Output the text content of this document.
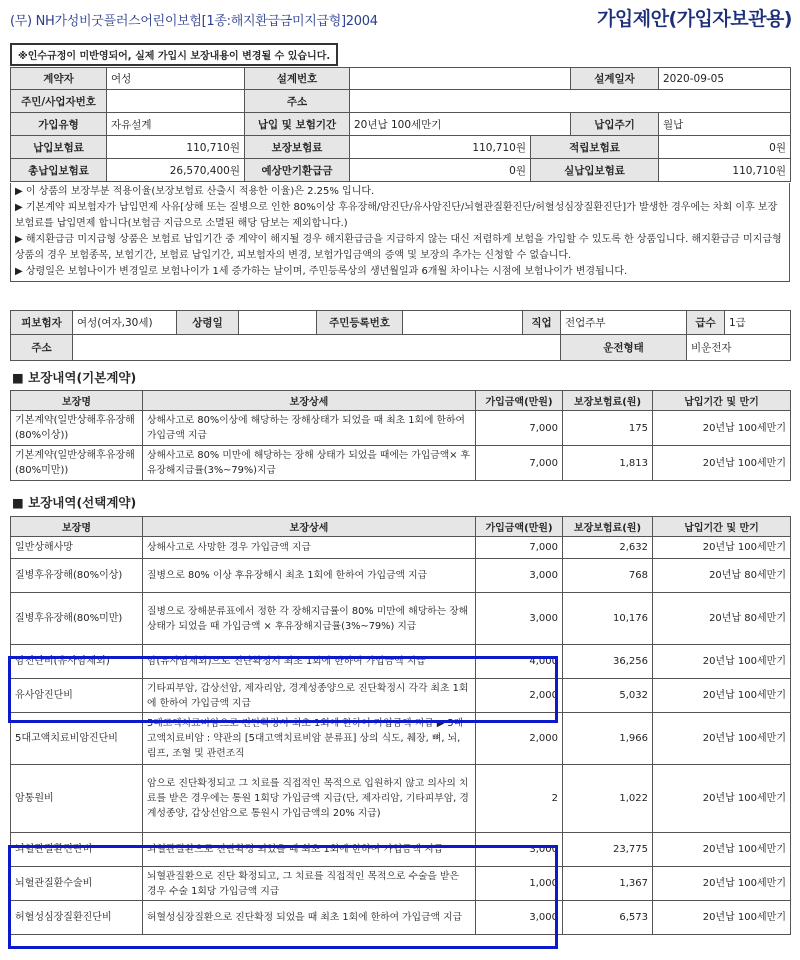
(무) NH가성비굿플러스어린이보험[1종:해지환급금미지급형]2004	가입제안(가입자보관용)
※인수규정이 미반영되어, 실제 가입시 보장내용이 변경될 수 있습니다.
계약자	여성	설계번호			설계일자	2020-09-05
주민/사업자번호		주소				
가입유형	자유설계	납입 및 보험기간	20년납 100세만기		납입주기	월납
납입보험료	110,710원	보장보험료	110,710원	적립보험료		0원
총납입보험료	26,570,400원	예상만기환급금	0원	실납입보험료		110,710원

▶ 이 상품의 보장부분 적용이율(보장보험료 산출시 적용한 이율)은 2.25% 입니다.

▶ 기본계약 피보험자가 납입면제 사유[상해 또는 질병으로 인한 80%이상 후유장해/암진단/유사암진단/뇌혈관질환진단/허혈성심장질환진단]가 발생한 경우에는 차회 이후 보장보험료를 납입면제 합니다(보험금 지급으로 소멸된 해당 담보는 제외합니다.)

▶ 해지환급금 미지급형 상품은 보험료 납입기간 중 계약이 해지될 경우 해지환급금을 지급하지 않는 대신 저렴하게 보험을 가입할 수 있도록 한 상품입니다. 해지환급금 미지급형 상품의 경우 보험종목, 보험기간, 보험료 납입기간, 피보험자의 변경, 보험가입금액의 증액 및 보장의 추가는 신청할 수 없습니다.

▶ 상령일은 보험나이가 변경일로 보험나이가 1세 증가하는 날이며, 주민등록상의 생년월일과 6개월 차이나는 시점에 보험나이가 변경됩니다.

피보험자	여성(여자,30세)	상령일		주민등록번호		직업	전업주부	급수	1급
주소							운전형태	비운전자	
■ 보장내역(기본계약)
보장명	보장상세	가입금액(만원)	보장보험료(원)	납입기간 및 만기
기본계약(일반상해후유장해(80%이상))	상해사고로 80%이상에 해당하는 장해상태가 되었을 때 최초 1회에 한하여 가입금액 지급	7,000	175	20년납 100세만기
기본계약(일반상해후유장해(80%미만))	상해사고로 80% 미만에 해당하는 장해 상태가 되었을 때에는 가입금액× 후유장해지급률(3%~79%)지급	7,000	1,813	20년납 100세만기
■ 보장내역(선택계약)
보장명	보장상세	가입금액(만원)	보장보험료(원)	납입기간 및 만기
일반상해사망	상해사고로 사망한 경우 가입금액 지급	7,000	2,632	20년납 100세만기
질병후유장해(80%이상)	질병으로 80% 이상 후유장해시 최초 1회에 한하여 가입금액 지급	3,000	768	20년납 80세만기
질병후유장해(80%미만)	질병으로 장해분류표에서 정한 각 장해지급률이 80% 미만에 해당하는 장해상태가 되었을 때 가입금액 × 후유장해지급률(3%~79%) 지급	3,000	10,176	20년납 80세만기
암진단비(유사암제외)	암(유사암제외)으로 진단확정시 최초 1회에 한하여 가입금액 지급	4,000	36,256	20년납 100세만기
유사암진단비	기타피부암, 갑상선암, 제자리암, 경계성종양으로 진단확정시 각각 최초 1회에 한하여 가입금액 지급	2,000	5,032	20년납 100세만기
5대고액치료비암진단비	5대고액치료비암으로 진단확정시 최초 1회에 한하여 가입금액 지급 ▶ 5대고액치료비암 : 약관의 [5대고액치료비암 분류표] 상의 식도, 췌장, 뼈, 뇌, 림프, 조혈 및 관련조직	2,000	1,966	20년납 100세만기
암통원비	암으로 진단확정되고 그 치료를 직접적인 목적으로 입원하지 않고 의사의 치료를 받은 경우에는 통원 1회당 가입금액 지급(단, 제자리암, 기타피부암, 경계성종양, 갑상선암으로 통원시 가입금액의 20% 지급)	2	1,022	20년납 100세만기
뇌혈관질환진단비	뇌혈관질환으로 진단확정 되었을 때 최초 1회에 한하여 가입금액 지급	3,000	23,775	20년납 100세만기
뇌혈관질환수술비	뇌혈관질환으로 진단 확정되고, 그 치료를 직접적인 목적으로 수술을 받은 경우 수술 1회당 가입금액 지급	1,000	1,367	20년납 100세만기
허혈성심장질환진단비	허혈성심장질환으로 진단확정 되었을 때 최초 1회에 한하여 가입금액 지급	3,000	6,573	20년납 100세만기
